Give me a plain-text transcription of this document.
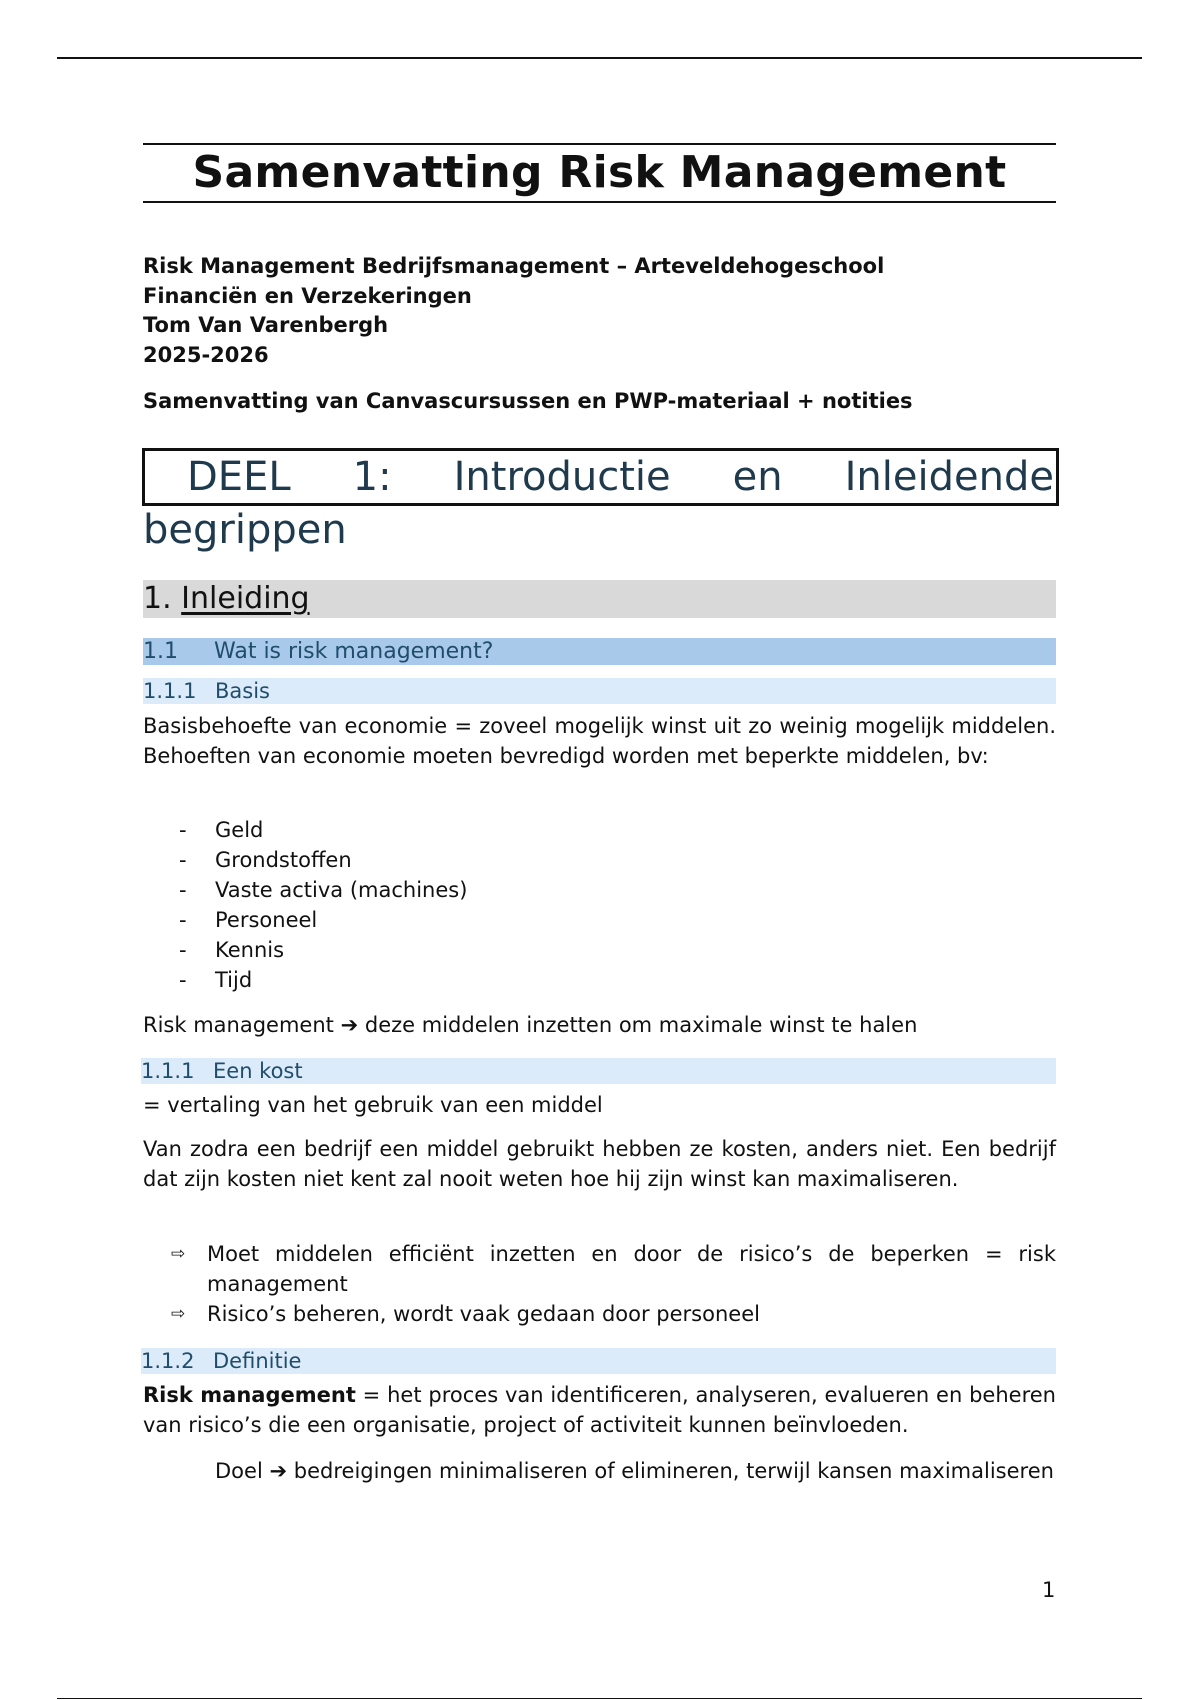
Samenvatting Risk Management
Risk Management Bedrijfsmanagement – Arteveldehogeschool
Financiën en Verzekeringen
Tom Van Varenbergh
2025-2026
Samenvatting van Canvascursussen en PWP-materiaal + notities
DEEL 1: Introductie en Inleidende
begrippen
1. Inleiding
1.1 Wat is risk management?
1.1.1 Basis
Basisbehoefte van economie = zoveel mogelijk winst uit zo weinig mogelijk middelen. Behoeften van economie moeten bevredigd worden met beperkte middelen, bv:
-	Geld
-	Grondstoffen
-	Vaste activa (machines)
-	Personeel
-	Kennis
-	Tijd
Risk management ➔ deze middelen inzetten om maximale winst te halen
1.1.1 Een kost
= vertaling van het gebruik van een middel
Van zodra een bedrijf een middel gebruikt hebben ze kosten, anders niet. Een bedrijf dat zijn kosten niet kent zal nooit weten hoe hij zijn winst kan maximaliseren.
⇨	Moet middelen efficiënt inzetten en door de risico’s de beperken = risk management
⇨	Risico’s beheren, wordt vaak gedaan door personeel
1.1.2 Definitie
Risk management = het proces van identificeren, analyseren, evalueren en beheren van risico’s die een organisatie, project of activiteit kunnen beïnvloeden.
Doel ➔ bedreigingen minimaliseren of elimineren, terwijl kansen maximaliseren
1
